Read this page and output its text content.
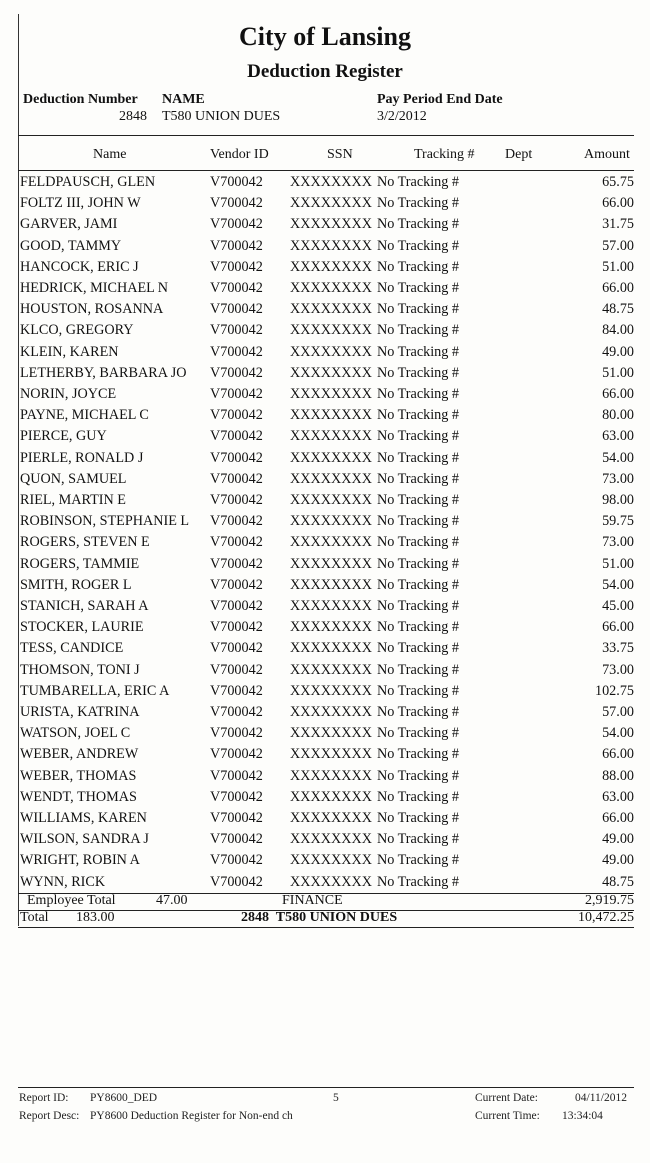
City of Lansing
Deduction Register
Deduction Number
2848
NAME
T580 UNION DUES
Pay Period End Date
3/2/2012
Name	Vendor ID	SSN	Tracking # Dept	Amount
FELDPAUSCH, GLEN	V700042 XXXXXXXX No Tracking #	65.75
FOLTZ III, JOHN W	V700042 XXXXXXXX No Tracking #	66.00
GARVER, JAMI	V700042 XXXXXXXX No Tracking #	31.75
GOOD, TAMMY	V700042 XXXXXXXX No Tracking #	57.00
HANCOCK, ERIC J	V700042 XXXXXXXX No Tracking #	51.00
HEDRICK, MICHAEL N	V700042 XXXXXXXX No Tracking #	66.00
HOUSTON, ROSANNA	V700042 XXXXXXXX No Tracking #	48.75
KLCO, GREGORY	V700042 XXXXXXXX No Tracking #	84.00
KLEIN, KAREN	V700042 XXXXXXXX No Tracking #	49.00
LETHERBY, BARBARA JO V700042 XXXXXXXX No Tracking #	51.00
NORIN, JOYCE	V700042 XXXXXXXX No Tracking #	66.00
PAYNE, MICHAEL C	V700042 XXXXXXXX No Tracking #	80.00
PIERCE, GUY	V700042 XXXXXXXX No Tracking #	63.00
PIERLE, RONALD J	V700042 XXXXXXXX No Tracking #	54.00
QUON, SAMUEL	V700042 XXXXXXXX No Tracking #	73.00
RIEL, MARTIN E	V700042 XXXXXXXX No Tracking #	98.00
ROBINSON, STEPHANIE L V700042 XXXXXXXX No Tracking #	59.75
ROGERS, STEVEN E	V700042 XXXXXXXX No Tracking #	73.00
ROGERS, TAMMIE	V700042 XXXXXXXX No Tracking #	51.00
SMITH, ROGER L	V700042 XXXXXXXX No Tracking #	54.00
STANICH, SARAH A	V700042 XXXXXXXX No Tracking #	45.00
STOCKER, LAURIE	V700042 XXXXXXXX No Tracking #	66.00
TESS, CANDICE	V700042 XXXXXXXX No Tracking #	33.75
THOMSON, TONI J	V700042 XXXXXXXX No Tracking #	73.00
TUMBARELLA, ERIC A	V700042 XXXXXXXX No Tracking #	102.75
URISTA, KATRINA	V700042 XXXXXXXX No Tracking #	57.00
WATSON, JOEL C	V700042 XXXXXXXX No Tracking #	54.00
WEBER, ANDREW	V700042 XXXXXXXX No Tracking #	66.00
WEBER, THOMAS	V700042 XXXXXXXX No Tracking #	88.00
WENDT, THOMAS	V700042 XXXXXXXX No Tracking #	63.00
WILLIAMS, KAREN	V700042 XXXXXXXX No Tracking #	66.00
WILSON, SANDRA J	V700042 XXXXXXXX No Tracking #	49.00
WRIGHT, ROBIN A	V700042 XXXXXXXX No Tracking #	49.00
WYNN, RICK	V700042 XXXXXXXX No Tracking #	48.75
Employee Total	47.00	FINANCE	2,919.75
Total 183.00	2848  T580 UNION DUES	10,472.25
Report ID: PY8600_DED
Report Desc: PY8600 Deduction Register for Non-end ch
5	Current Date:	04/11/2012
Current Time: 13:34:04
